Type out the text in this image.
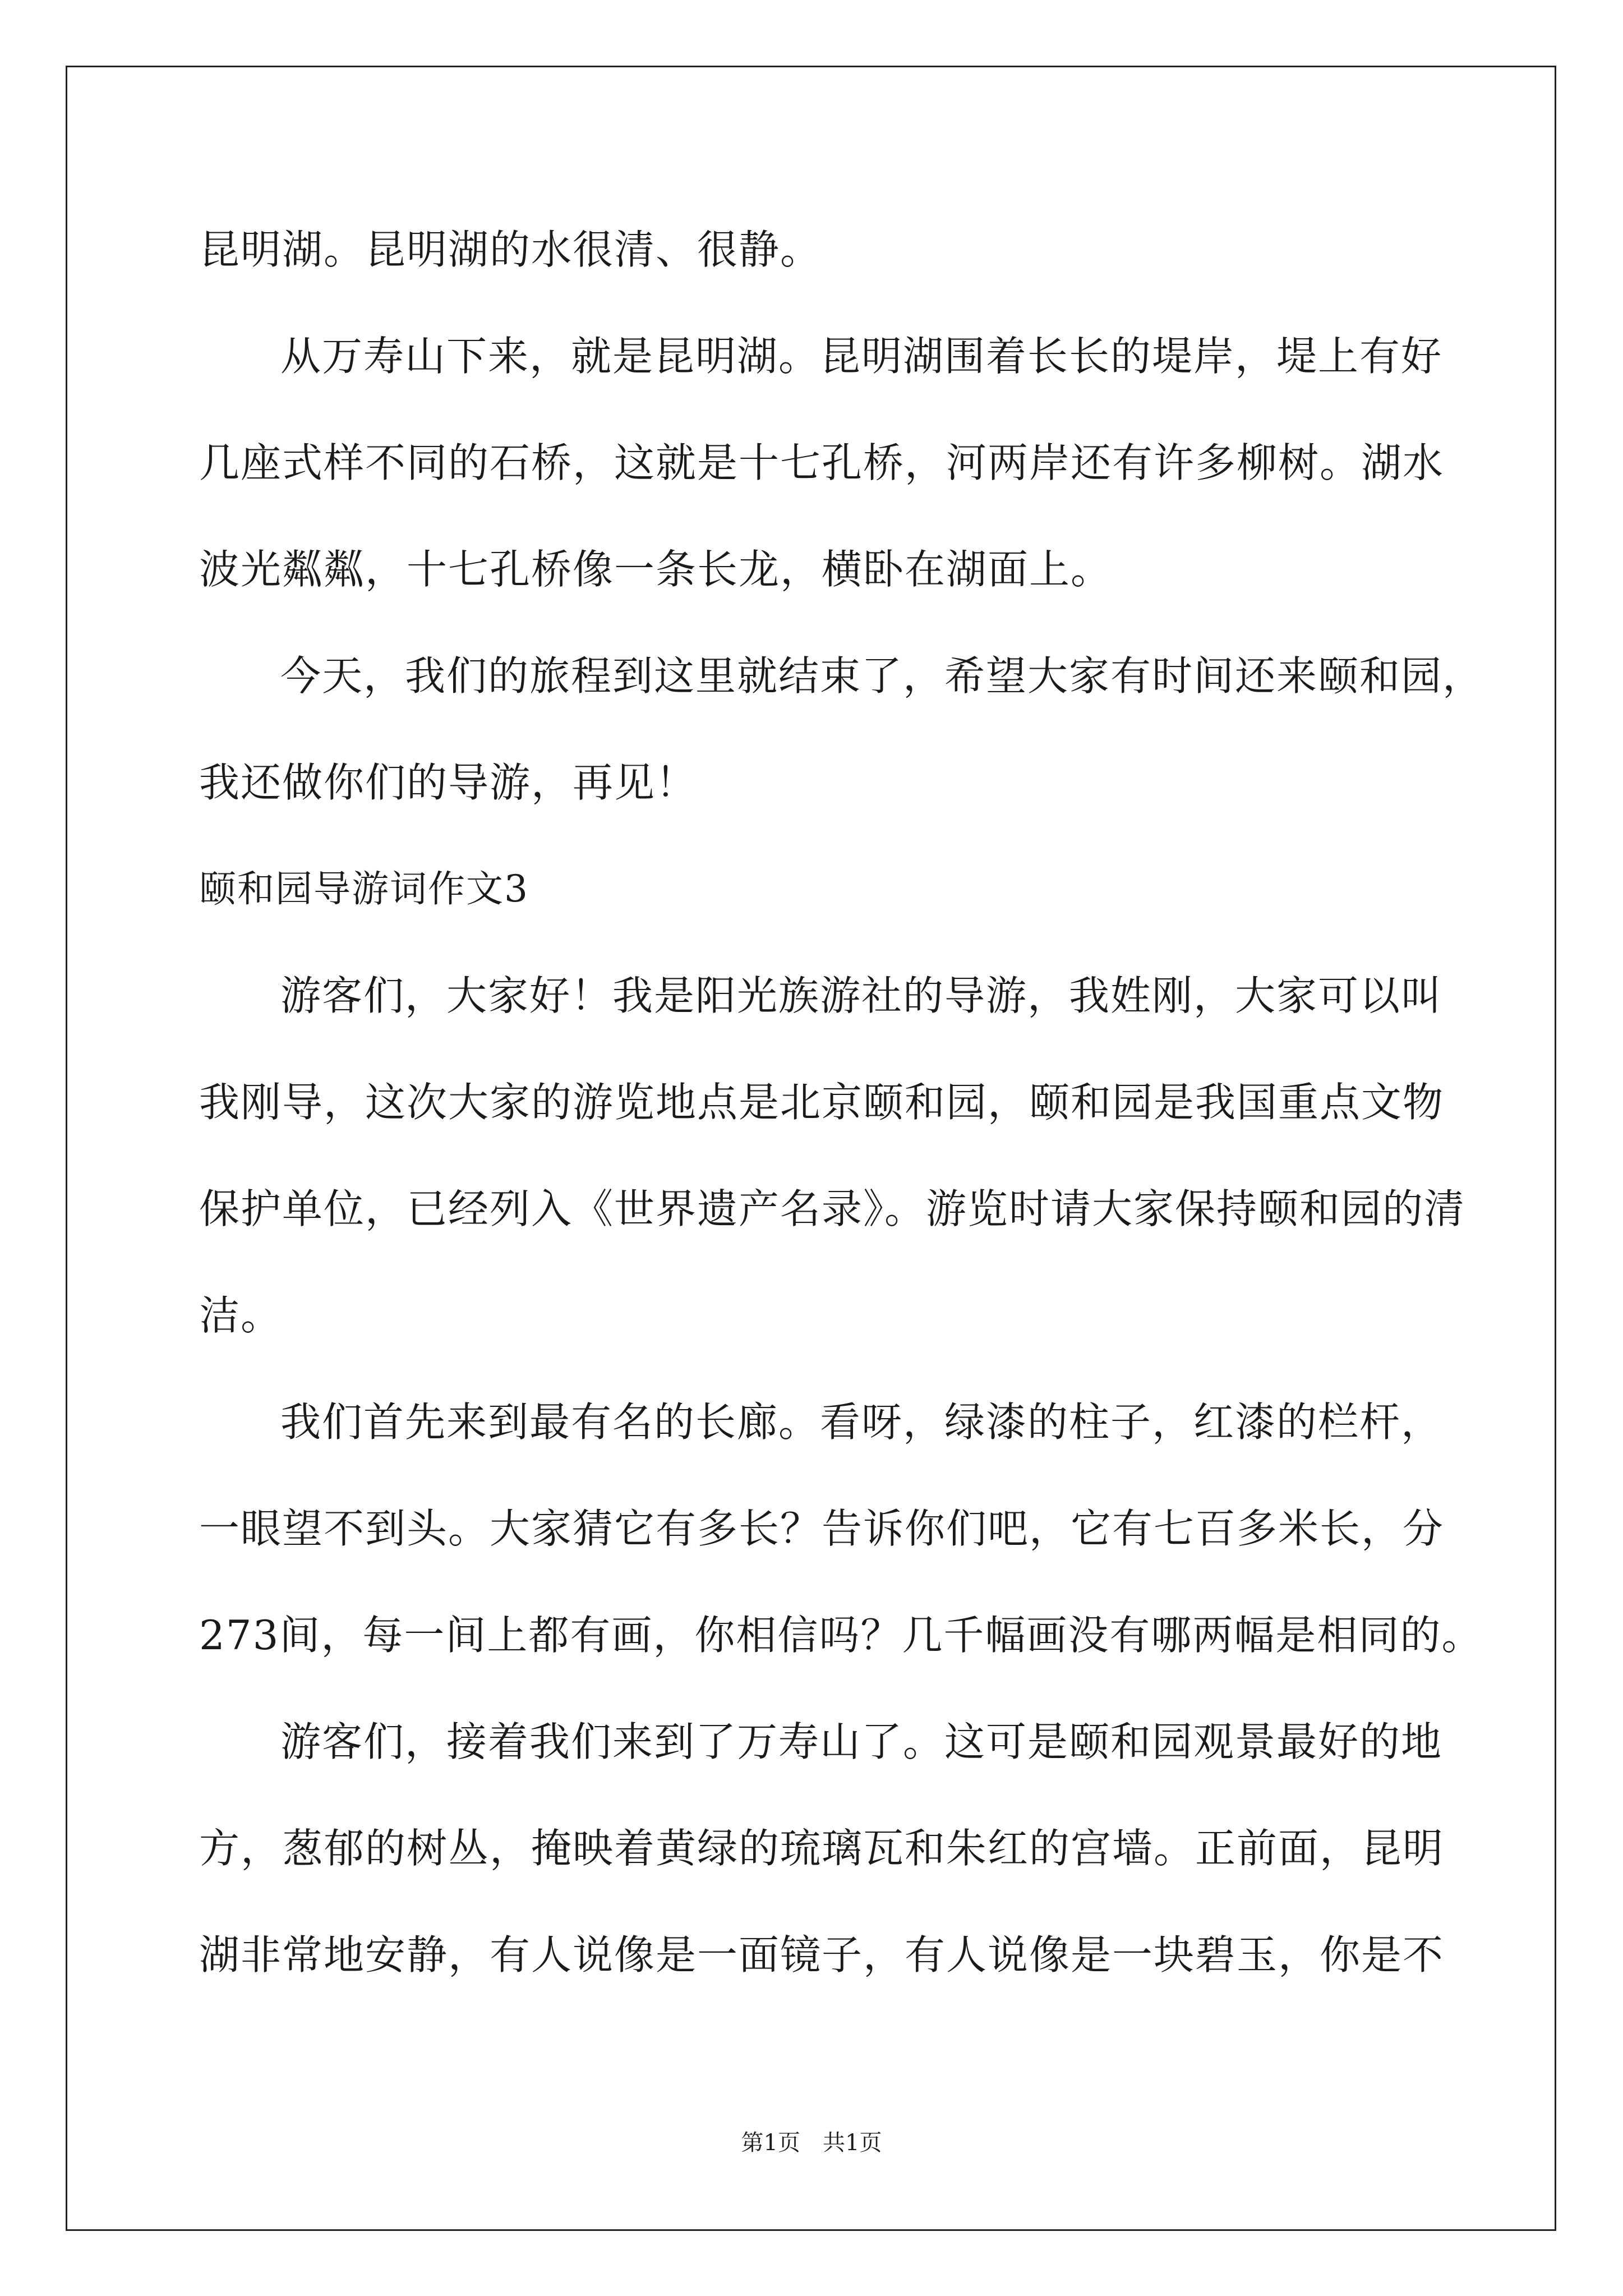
昆明湖。昆明湖的水很清、很静。
从万寿山下来，就是昆明湖。昆明湖围着长长的堤岸，堤上有好
几座式样不同的石桥，这就是十七孔桥，河两岸还有许多柳树。湖水
波光粼粼，十七孔桥像一条长龙，横卧在湖面上。
今天，我们的旅程到这里就结束了，希望大家有时间还来颐和园，
我还做你们的导游，再见！
颐和园导游词作文3
游客们，大家好！我是阳光族游社的导游，我姓刚，大家可以叫
我刚导，这次大家的游览地点是北京颐和园，颐和园是我国重点文物
保护单位，已经列入《世界遗产名录》。游览时请大家保持颐和园的清
洁。
我们首先来到最有名的长廊。看呀，绿漆的柱子，红漆的栏杆，
一眼望不到头。大家猜它有多长？告诉你们吧，它有七百多米长，分
273间，每一间上都有画，你相信吗？几千幅画没有哪两幅是相同的。
游客们，接着我们来到了万寿山了。这可是颐和园观景最好的地
方，葱郁的树丛，掩映着黄绿的琉璃瓦和朱红的宫墙。正前面，昆明
湖非常地安静，有人说像是一面镜子，有人说像是一块碧玉，你是不
第1页　共1页
